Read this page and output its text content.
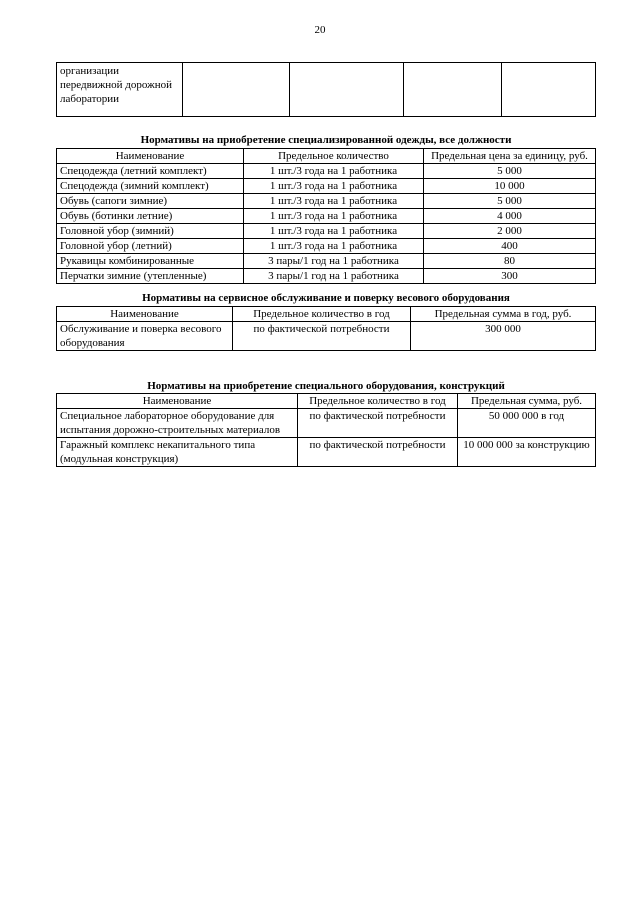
20
организации передвижной дорожной лаборатории				
Нормативы на приобретение специализированной одежды, все должности
Наименование	Предельное количество	Предельная цена за единицу, руб.
Спецодежда (летний комплект)	1 шт./3 года на 1 работника	5 000
Спецодежда (зимний комплект)	1 шт./3 года на 1 работника	10 000
Обувь (сапоги зимние)	1 шт./3 года на 1 работника	5 000
Обувь (ботинки летние)	1 шт./3 года на 1 работника	4 000
Головной убор (зимний)	1 шт./3 года на 1 работника	2 000
Головной убор (летний)	1 шт./3 года на 1 работника	400
Рукавицы комбинированные	3 пары/1 год на 1 работника	80
Перчатки зимние (утепленные)	3 пары/1 год на 1 работника	300
Нормативы на сервисное обслуживание и поверку весового оборудования
Наименование	Предельное количество в год	Предельная сумма в год, руб.
Обслуживание и поверка весового оборудования	по фактической потребности	300 000
Нормативы на приобретение специального оборудования, конструкций
Наименование	Предельное количество в год	Предельная сумма, руб.
Специальное лабораторное оборудование для испытания дорожно-строительных материалов	по фактической потребности	50 000 000 в год
Гаражный комплекс некапитального типа (модульная конструкция)	по фактической потребности	10 000 000 за конструкцию
